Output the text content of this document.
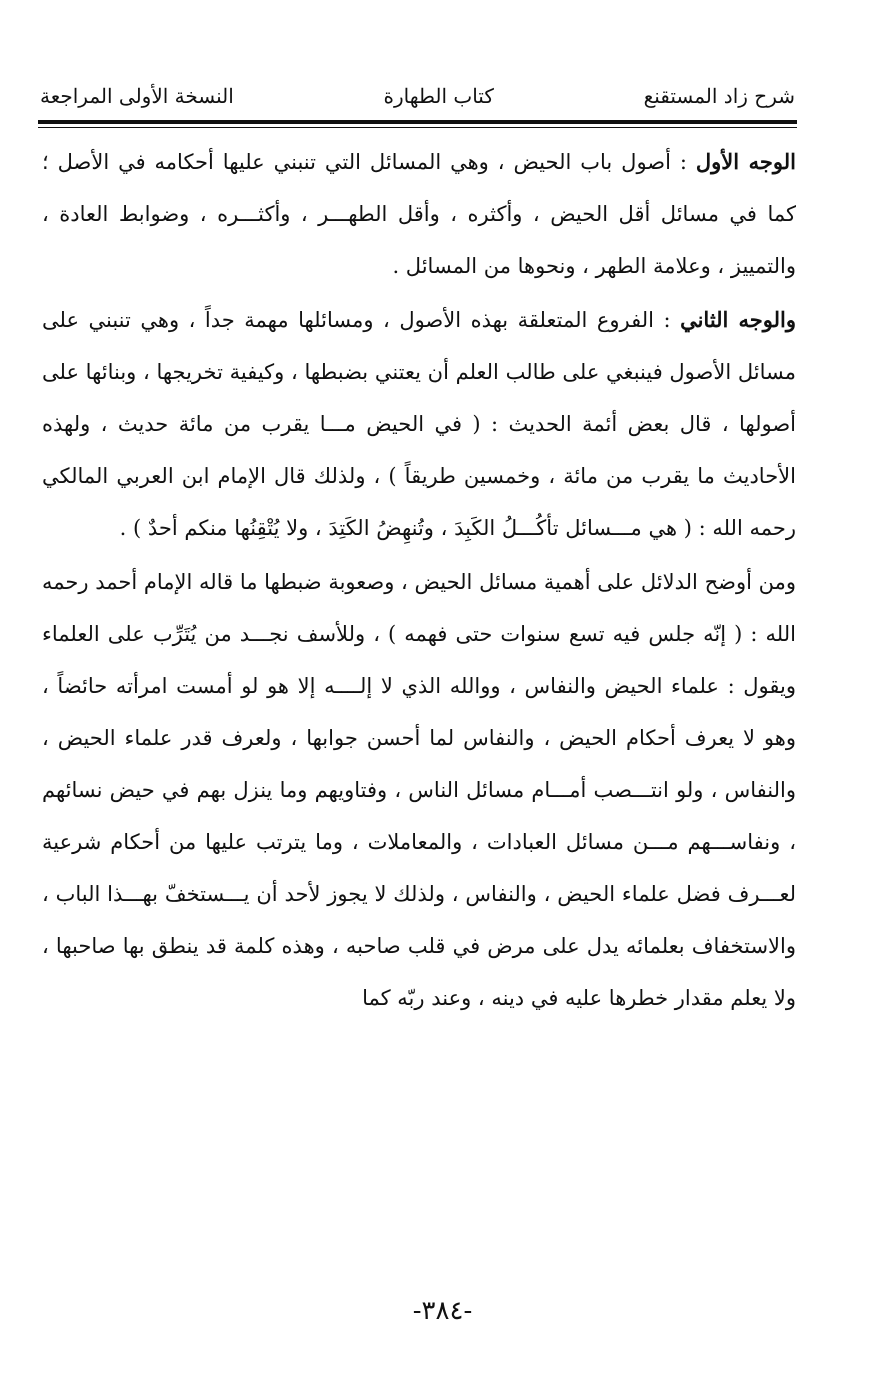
شرح زاد المستقنع
كتاب الطهارة
النسخة الأولى المراجعة

الوجه الأول : أصول باب الحيض ، وهي المسائل التي تنبني عليها أحكامه في الأصل ؛ كما في مسائل أقل الحيض ، وأكثره ، وأقل الطهـــر ، وأكثـــره ، وضوابط العادة ، والتمييز ، وعلامة الطهر ، ونحوها من المسائل .

والوجه الثاني : الفروع المتعلقة بهذه الأصول ، ومسائلها مهمة جداً ، وهي تنبني على مسائل الأصول فينبغي على طالب العلم أن يعتني بضبطها ، وكيفية تخريجها ، وبنائها على أصولها ، قال بعض أئمة الحديث : ( في الحيض مـــا يقرب من مائة حديث ، ولهذه الأحاديث ما يقرب من مائة ، وخمسين طريقاً ) ، ولذلك قال الإمام ابن العربي المالكي رحمه الله : ( هي مـــسائل تأكُـــلُ الكَبِدَ ، وتُنهِضُ الكَتِدَ ، ولا يُتْقِنُها منكم أحدٌ ) .

ومن أوضح الدلائل على أهمية مسائل الحيض ، وصعوبة ضبطها ما قاله الإمام أحمد رحمه الله : ( إنّه جلس فيه تسع سنوات حتى فهمه ) ، وللأسف نجـــد من يُتَرِّب على العلماء ويقول : علماء الحيض والنفاس ، ووالله الذي لا إلــــه إلا هو لو أمست امرأته حائضاً ، وهو لا يعرف أحكام الحيض ، والنفاس لما أحسن جوابها ، ولعرف قدر علماء الحيض ، والنفاس ، ولو انتـــصب أمـــام مسائل الناس ، وفتاويهم وما ينزل بهم في حيض نسائهم ، ونفاســـهم مـــن مسائل العبادات ، والمعاملات ، وما يترتب عليها من أحكام شرعية لعـــرف فضل علماء الحيض ، والنفاس ، ولذلك لا يجوز لأحد أن يـــستخفّ بهـــذا الباب ، والاستخفاف بعلمائه يدل على مرض في قلب صاحبه ، وهذه كلمة قد ينطق بها صاحبها ، ولا يعلم مقدار خطرها عليه في دينه ، وعند ربّه كما

-٣٨٤-
